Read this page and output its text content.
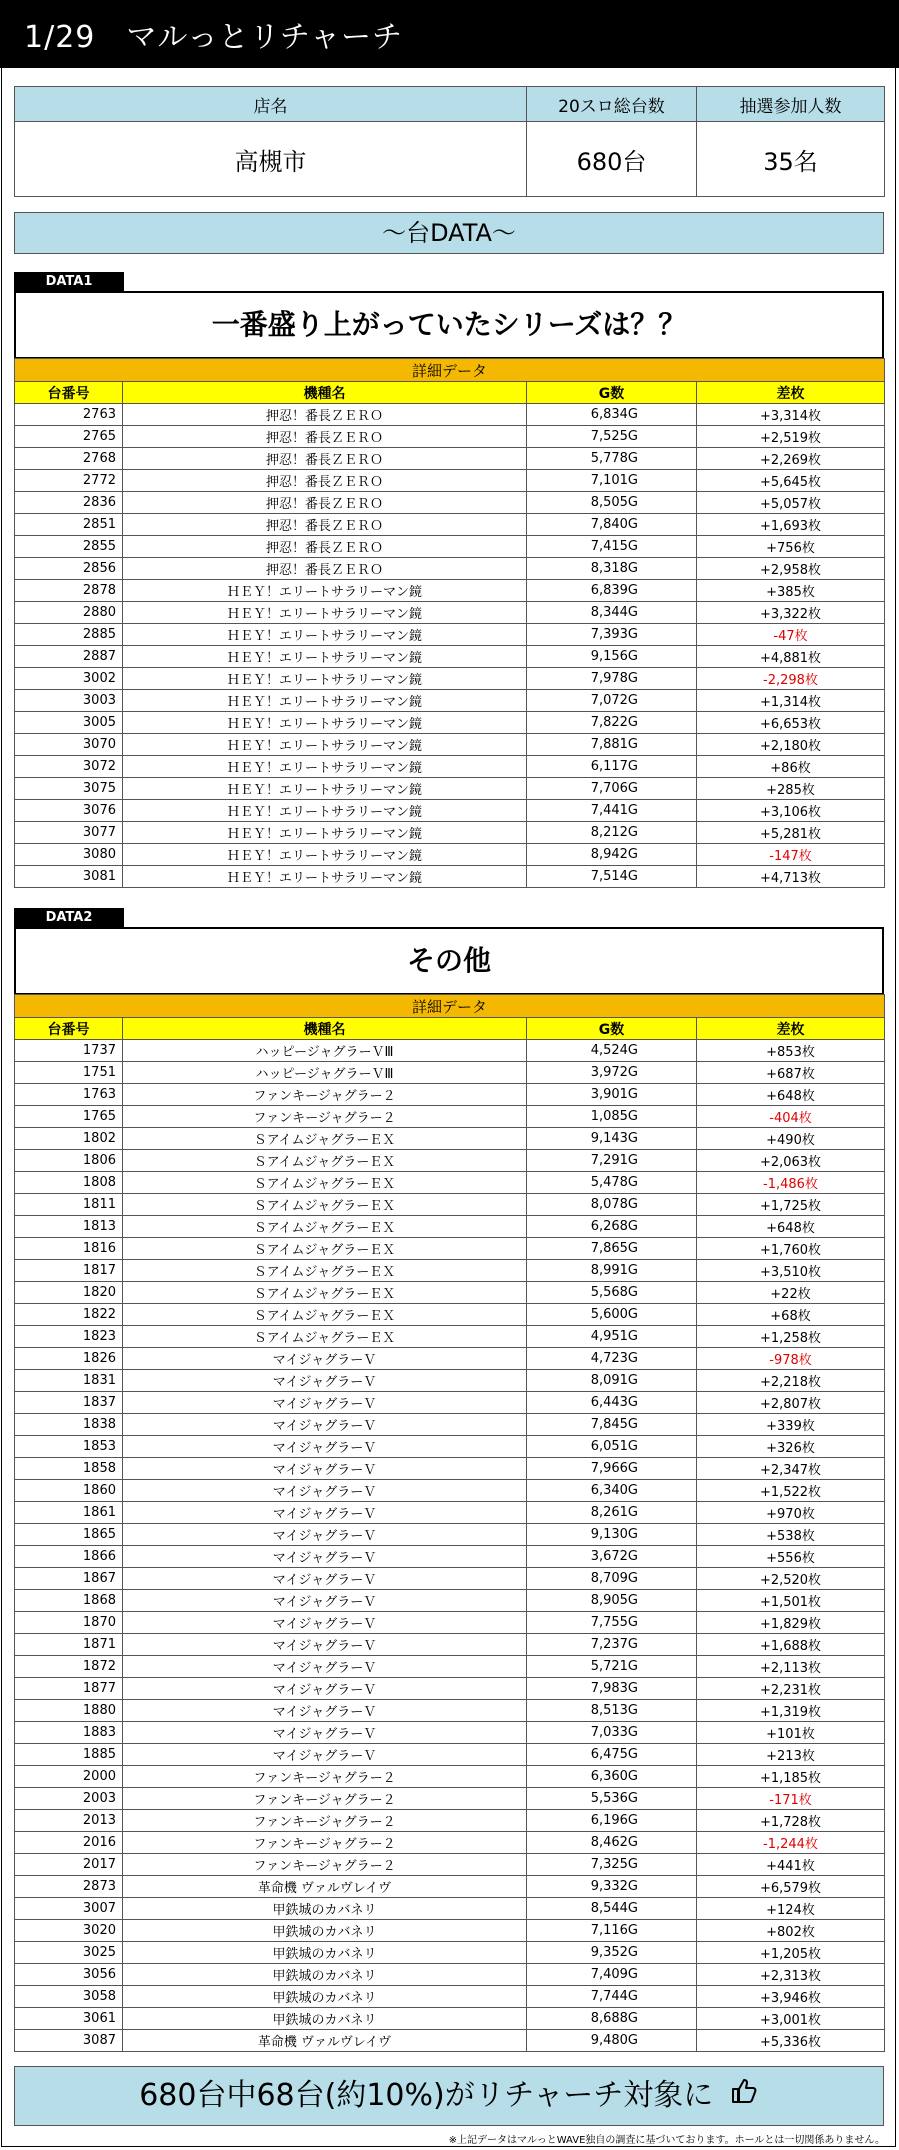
1/29　マルっとリチャーチ
店名	20スロ総台数	抽選参加人数
高槻市	680台	35名
～台DATA～
DATA1
一番盛り上がっていたシリーズは？？
詳細データ			
台番号	機種名	G数	差枚
2763	押忍！番長ＺＥＲＯ	6,834G	+3,314枚
2765	押忍！番長ＺＥＲＯ	7,525G	+2,519枚
2768	押忍！番長ＺＥＲＯ	5,778G	+2,269枚
2772	押忍！番長ＺＥＲＯ	7,101G	+5,645枚
2836	押忍！番長ＺＥＲＯ	8,505G	+5,057枚
2851	押忍！番長ＺＥＲＯ	7,840G	+1,693枚
2855	押忍！番長ＺＥＲＯ	7,415G	+756枚
2856	押忍！番長ＺＥＲＯ	8,318G	+2,958枚
2878	ＨＥＹ！エリートサラリーマン鏡	6,839G	+385枚
2880	ＨＥＹ！エリートサラリーマン鏡	8,344G	+3,322枚
2885	ＨＥＹ！エリートサラリーマン鏡	7,393G	-47枚
2887	ＨＥＹ！エリートサラリーマン鏡	9,156G	+4,881枚
3002	ＨＥＹ！エリートサラリーマン鏡	7,978G	-2,298枚
3003	ＨＥＹ！エリートサラリーマン鏡	7,072G	+1,314枚
3005	ＨＥＹ！エリートサラリーマン鏡	7,822G	+6,653枚
3070	ＨＥＹ！エリートサラリーマン鏡	7,881G	+2,180枚
3072	ＨＥＹ！エリートサラリーマン鏡	6,117G	+86枚
3075	ＨＥＹ！エリートサラリーマン鏡	7,706G	+285枚
3076	ＨＥＹ！エリートサラリーマン鏡	7,441G	+3,106枚
3077	ＨＥＹ！エリートサラリーマン鏡	8,212G	+5,281枚
3080	ＨＥＹ！エリートサラリーマン鏡	8,942G	-147枚
3081	ＨＥＹ！エリートサラリーマン鏡	7,514G	+4,713枚
DATA2
その他
詳細データ			
台番号	機種名	G数	差枚
1737	ハッピージャグラーＶⅢ	4,524G	+853枚
1751	ハッピージャグラーＶⅢ	3,972G	+687枚
1763	ファンキージャグラー２	3,901G	+648枚
1765	ファンキージャグラー２	1,085G	-404枚
1802	ＳアイムジャグラーＥＸ	9,143G	+490枚
1806	ＳアイムジャグラーＥＸ	7,291G	+2,063枚
1808	ＳアイムジャグラーＥＸ	5,478G	-1,486枚
1811	ＳアイムジャグラーＥＸ	8,078G	+1,725枚
1813	ＳアイムジャグラーＥＸ	6,268G	+648枚
1816	ＳアイムジャグラーＥＸ	7,865G	+1,760枚
1817	ＳアイムジャグラーＥＸ	8,991G	+3,510枚
1820	ＳアイムジャグラーＥＸ	5,568G	+22枚
1822	ＳアイムジャグラーＥＸ	5,600G	+68枚
1823	ＳアイムジャグラーＥＸ	4,951G	+1,258枚
1826	マイジャグラーＶ	4,723G	-978枚
1831	マイジャグラーＶ	8,091G	+2,218枚
1837	マイジャグラーＶ	6,443G	+2,807枚
1838	マイジャグラーＶ	7,845G	+339枚
1853	マイジャグラーＶ	6,051G	+326枚
1858	マイジャグラーＶ	7,966G	+2,347枚
1860	マイジャグラーＶ	6,340G	+1,522枚
1861	マイジャグラーＶ	8,261G	+970枚
1865	マイジャグラーＶ	9,130G	+538枚
1866	マイジャグラーＶ	3,672G	+556枚
1867	マイジャグラーＶ	8,709G	+2,520枚
1868	マイジャグラーＶ	8,905G	+1,501枚
1870	マイジャグラーＶ	7,755G	+1,829枚
1871	マイジャグラーＶ	7,237G	+1,688枚
1872	マイジャグラーＶ	5,721G	+2,113枚
1877	マイジャグラーＶ	7,983G	+2,231枚
1880	マイジャグラーＶ	8,513G	+1,319枚
1883	マイジャグラーＶ	7,033G	+101枚
1885	マイジャグラーＶ	6,475G	+213枚
2000	ファンキージャグラー２	6,360G	+1,185枚
2003	ファンキージャグラー２	5,536G	-171枚
2013	ファンキージャグラー２	6,196G	+1,728枚
2016	ファンキージャグラー２	8,462G	-1,244枚
2017	ファンキージャグラー２	7,325G	+441枚
2873	革命機 ヴァルヴレイヴ	9,332G	+6,579枚
3007	甲鉄城のカバネリ	8,544G	+124枚
3020	甲鉄城のカバネリ	7,116G	+802枚
3025	甲鉄城のカバネリ	9,352G	+1,205枚
3056	甲鉄城のカバネリ	7,409G	+2,313枚
3058	甲鉄城のカバネリ	7,744G	+3,946枚
3061	甲鉄城のカバネリ	8,688G	+3,001枚
3087	革命機 ヴァルヴレイヴ	9,480G	+5,336枚
680台中68台(約10%)がリチャーチ対象に
※上記データはマルっとWAVE独自の調査に基づいております。ホールとは一切関係ありません。
